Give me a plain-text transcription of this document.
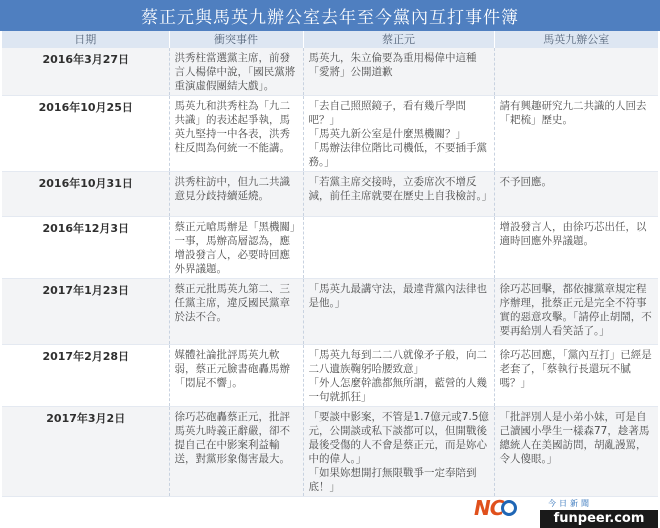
蔡正元與馬英九辦公室去年至今黨內互打事件簿
日期	衝突事件	蔡正元	馬英九辦公室
2016年3月27日	洪秀柱當選黨主席，前發言人楊偉中說，「國民黨將重演虛假團結大戲」。	馬英九，朱立倫要為重用楊偉中這種「愛將」公開道歉	

2016年10月25日	馬英九和洪秀柱為「九二共識」的表述起爭執，馬英九堅持一中各表，洪秀柱反問為何統一不能講。	「去自己照照鏡子，看有幾斤學問吧？」
「馬英九新公室是什麼黑機關？」
「馬辦法律位階比司機低，不要插手黨務。」	請有興趣研究九二共識的人回去「耙梳」歷史。

2016年10月31日	洪秀柱訪中，但九二共識意見分歧持續延燒。	「若黨主席交接時，立委席次不增反減，前任主席就要在歷史上自我檢討。」	不予回應。

2016年12月3日	蔡正元嗆馬辦是「黑機關」一事，馬辦高層認為，應增設發言人，必要時回應外界議題。		增設發言人，由徐巧芯出任，以適時回應外界議題。

2017年1月23日	蔡正元批馬英九第二、三任黨主席，違反國民黨章於法不合。	「馬英九最講守法，最違背黨內法律也是他。」	徐巧芯回擊，都依據黨章規定程序辦理，批蔡正元是完全不符事實的惡意攻擊。「請停止胡鬧，不要再給別人看笑話了。」

2017年2月28日	媒體社論批評馬英九軟弱，蔡正元臉書砲轟馬辦「悶屁不響」。	「馬英九每到二二八就像矛子般，向二二八遺族鞠躬哈腰致意」
「外人怎麼幹譙都無所謂，藍營的人幾一句就抓狂」	徐巧芯回應，「黨內互打」已經是老套了，「蔡執行長還玩不膩嗎？」

2017年3月2日	徐巧芯砲轟蔡正元，批評馬英九時義正辭嚴，卻不提自己在中影案利益輸送，對黨形象傷害最大。	「要談中影案，不管是1.7億元或7.5億元，公開談或私下談都可以，但開戰後最後受傷的人不會是蔡正元，而是妳心中的偉人。」
「如果妳想開打無限戰爭一定奉陪到底！」	「批評別人是小弟小妹，可是自己讀國小學生一樣森77，趁著馬總統人在美國訪問，胡亂謾罵，令人傻眼。」
NC	今日新聞
funpeer.com
